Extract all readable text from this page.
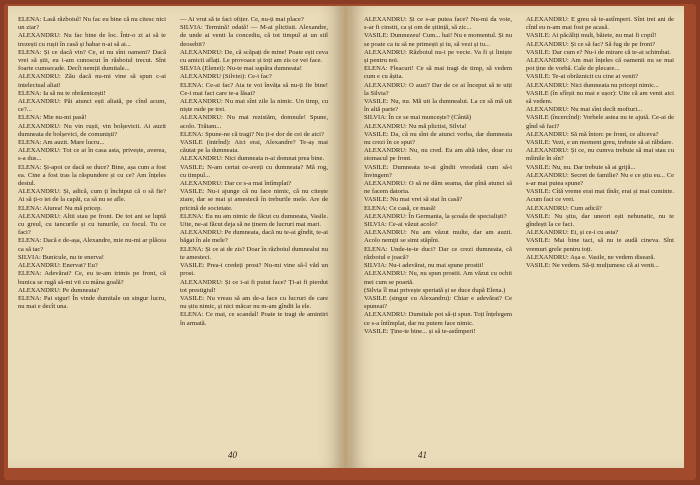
ELENA: Lasă războiul! Nu fac eu bine că nu citesc nici un ziar?

ALEXANDRU: Nu fac bine de loc. Într-o zi ai să te trezești cu rușii în casă și habar n-ai să ai...

ELENA: Și ce dacă vin? Ce, ei nu sînt oameni? Dacă vrei să știi, eu i-am cunoscut în răsboiul trecut. Sînt foarte cumsecade. Decît nemții dumitale...

ALEXANDRU: Zău dacă nu-mi vine să spun c-ai intelectual aliat!

ELENA: Ia să nu te obrăznicești!

ALEXANDRU: Păi atunci ești aliată, pe cînd acum, ce?...

ELENA: Mie nu-mi pasă!

ALEXANDRU: Nu vin rușii, vin bolșevicii. Ai auzit dumneata de bolșevici, de comuniști?

ELENA: Am auzit. Mare lucru...

ALEXANDRU: Tot ce ai în casa asta, privește, averea, s-a dus...

ELENA: Și-apoi ce dacă se duce? Bine, așa cum a fost ea. Cine a fost tras la răspundere și cu ce? Am înțeles destul.

ALEXANDRU: Și, adică, cum ți închipui că o să fie? Ai să ți-o iei de la capăt, ca să nu se afle.

ELENA: Aiurea! Nu mă pricep.

ALEXANDRU: Altii stau pe front. De tot ani se luptă cu greul, cu tancurile și cu tunurile, cu focul. Tu ce faci?

ELENA: Dacă e de-așa, Alexandre, mie nu-mi ar plăcea ca să tac?

SILVIA: Bunicule, nu te enerva!

ALEXANDRU: Enervat? Eu?

ELENA: Adevărat? Ce, eu te-am trimis pe front, că bunica se rugă să-mi vii cu mâna goală?

ALEXANDRU: Pe dumneata?

ELENA: Pai sigur! În vinde dumitale un singur lucru, nu mai e decît una.

— Ai vrut să te faci ofițer. Ce, nu-ți mai place?

SILVIA: Termină! odată! — M-ai plictisit. Alexandre, de unde ai venit la concediu, că tot timpul ai un stil deosebit?

ALEXANDRU: De, că scăpați de mine! Poate ești ceva cu amicii aflați. Le provoace și toți am zis ce vei face.

SILVIA (Elenei): Nu-te mai supăra dumneata!

ALEXANDRU (Silviei): Ce-i fac?

ELENA: Ce-ai fac? Aia te voi învăța să nu-ți fie bine! Ce-i mai faci care te-a lăsat?

ALEXANDRU: Nu mai sînt zile la nimic. Un timp, cu niște rude pe trei.

ALEXANDRU: Nu mai rezistăm, domnule! Spune, acolo. Trăiam...

ELENA: Spune-ne că tragi? Nu ți-e dor de cei de aici?

VASILE (intrînd): Aici erai, Alexandre? Te-aș mai căutat pe la dumneata.

ALEXANDRU: Nici dumneata n-ai domnat prea bine.

VASILE: N-am certat ce-aveți cu dumneata? Mă rog, cu timpul...

ALEXANDRU: Dar ce s-a mai întîmplat?

VASILE: Nu-i ajunge că nu face nimic, că nu citește ziare, dar se mai și amestecă în treburile mele. Are de pricină de societate.

ELENA: Eu nu am nimic de făcut cu dumneata, Vasile. Uite, ne-ai făcut deja să ne ținem de lucruri mai mari.

ALEXANDRU: Pe dumneata, dacă nu te-ai gîndit, te-ai băgat în ale mele?

ELENA: Și ce ai de zis? Doar în războiul dumnealui nu te amesteci.

VASILE: Prea-i credeți prost? Nu-mi vine să-l văd un prost.

ALEXANDRU: Și ce i-ai fi putut face? Ți-ai fi pierdut tot prestigiul!

VASILE: Nu vreau să am de-a face cu lucruri de care nu știu nimic, și nici măcar nu m-am gîndit la ele.

ELENA: Ce mai, ce scandal! Poate te tragi de amintiri în armată.

40

ALEXANDRU: Și ce s-ar putea face? Nu-mi da voie, s-ar fi cinstit, ca și om de știință, să zic...

VASILE: Dumnezeu! Cum... hai! Nu e momentul. Și nu se poate ca tu să ne primești și tu, să vezi și tu...

ALEXANDRU: Războiul nu-i pe vecie. Va fi și liniște și pentru noi.

ELENA: Fleacuri! Ce să mai tragi de timp, să vedem cum e cu ăștia.

ALEXANDRU: O auzi? Dar de ce ai început să te uiți la Silvia?

VASILE: Nu, nu. Mă uit la dumnealui. La ce să mă uit în altă parte?

SILVIA: În ce se mai muncește? (Cântă)

ALEXANDRU: Nu mă plictisi, Silvia!

VASILE: Da, că nu sînt de atunci vorba, dar dumneata nu crezi în ce spui?

ALEXANDRU: Nu, nu cred. Eu am altă idee, doar cu stomacul pe front.

VASILE: Dumneata te-ai gîndit vreodată cum să-i învingem?

ALEXANDRU: O să ne dăm seama, dar pînă atunci să ne facem datoria.

VASILE: Nu mai vrei să stai în casă?

ELENA: Ce casă, ce masă!

ALEXANDRU: În Germania, la școala de specialiști?

SILVIA: Ce-ai văzut acolo?

ALEXANDRU: Nu am văzut multe, dar am auzit. Acolo nemții se simt stăpîni.

ELENA: Unde-te-te duci? Dar ce crezi dumneata, că războiul e joacă?

SILVIA: Nu-i adevărat, nu mai spune prostii!

ALEXANDRU: Nu, nu spun prostii. Am văzut cu ochii mei cum se poartă.

(Silvia îl mai privește speriată și se duce după Elena.)

VASILE (singur cu Alexandru): Chiar e adevărat? Ce spuneai?

ALEXANDRU: Dumitale pot să-ți spun. Toți înțelegem ce s-a întîmplat, dar nu putem face nimic.

VASILE: Ține-te bine... și să te-astîmperi!

ALEXANDRU: E greu să te-astîmperi. Sînt trei ani de cînd eu n-am mai fost pe acasă.

VASILE: Ai păcăliți mult, băiete, nu mai fi copil!

ALEXANDRU: Și ce să fac? Să fug de pe front?

VASILE: Dar cum e? Nu-i de mirare că te-ai schimbat.

ALEXANDRU: Am mai înțeles că oamenii nu se mai pot ține de vorbă. Cale de plecare...

VASILE: Te-ai obrăznicit cu cine ai venit?

ALEXANDRU: Nici dumneata nu pricepi nimic...

VASILE (în sfîrșit nu mai e ușor): Uite că am venit aici să vedem.

ALEXANDRU: Nu mai sînt decît mofturi...

VASILE (încercînd): Vorbele astea nu te ajută. Ce-ai de gînd să faci?

ALEXANDRU: Să mă întorc pe front, ce altceva?

VASILE: Vezi, e un moment greu, trebuie să ai răbdare.

ALEXANDRU: Și ce, nu cumva trebuie să mai stau cu mîinile în sîn?

VASILE: Nu, nu. Dar trebuie să ai grijă...

ALEXANDRU: Secret de familie? Nu e ce știu eu... Ce s-ar mai putea spune?

VASILE: Cîtă vreme erai mai tînăr, erai și mai cuminte. Acum faci ce vrei.

ALEXANDRU: Cum adică?

VASILE: Nu știu, dar uneori ești nebunatic, nu te gîndești la ce faci.

ALEXANDRU: Ei, și ce-i cu asta?

VASILE: Mai bine taci, să nu te audă cineva. Sînt vremuri grele pentru toți.

ALEXANDRU: Așa e. Vasile, ne vedem diseară.

VASILE: Ne vedem. Să-ți mulțumesc că ai venit...

41
